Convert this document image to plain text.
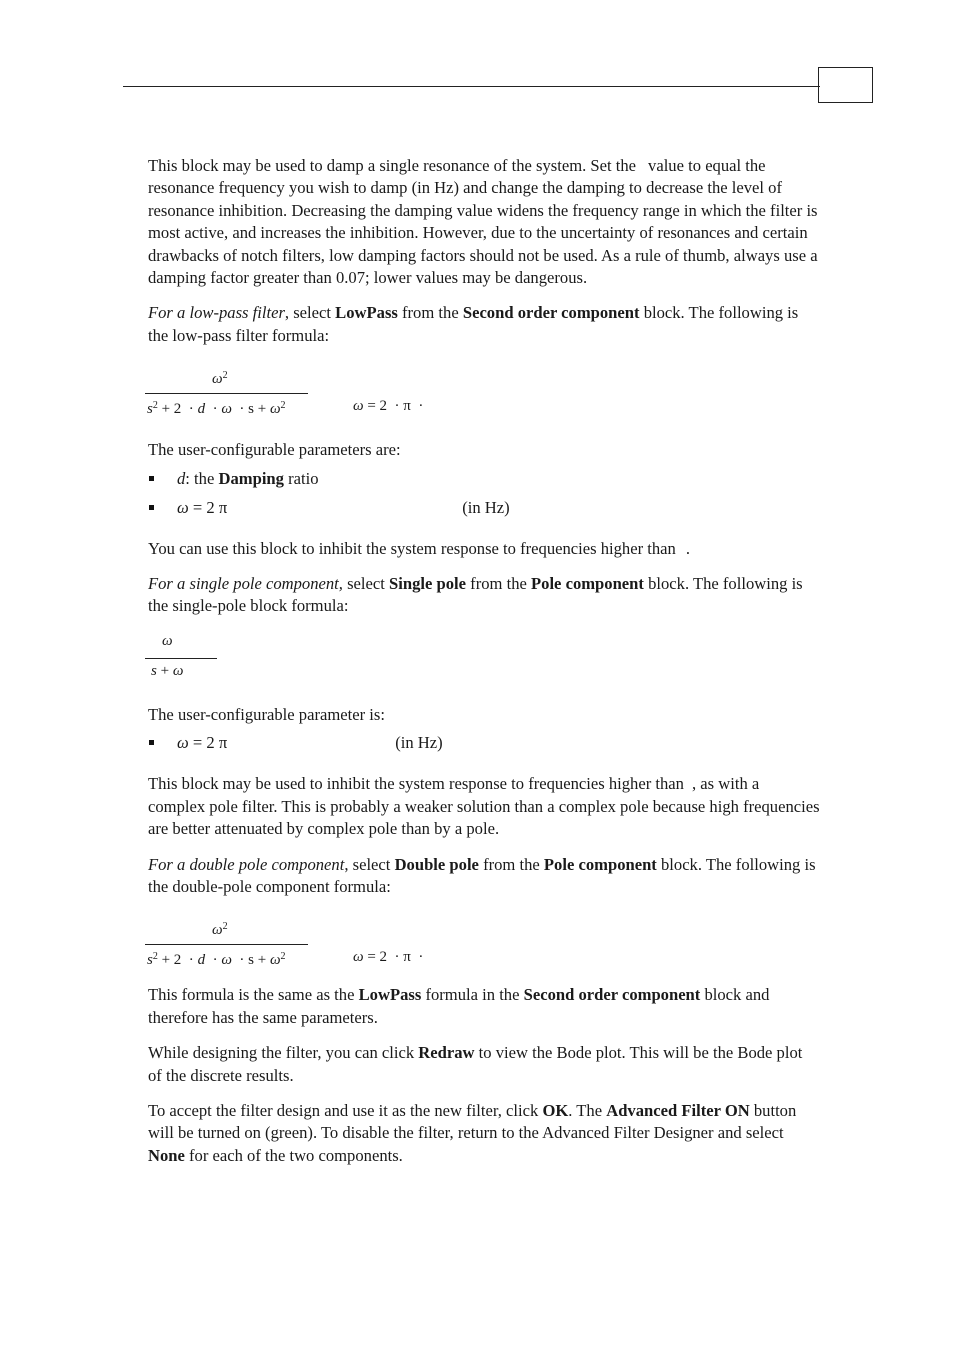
This block may be used to damp a single resonance of the system. Set the value to equal the resonance frequency you wish to damp (in Hz) and change the damping to decrease the level of resonance inhibition. Decreasing the damping value widens the frequency range in which the filter is most active, and increases the inhibition. However, due to the uncertainty of resonances and certain drawbacks of notch filters, low damping factors should not be used. As a rule of thumb, always use a damping factor greater than 0.07; lower values may be dangerous.

For a low-pass filter, select LowPass from the Second order component block. The following is the low-pass filter formula:

$\omega^2$
$s^2 + 2 \cdot d \cdot \omega \cdot s + \omega^2$	ω = 2  · π  ·

The user-configurable parameters are:

d: the Damping ratio
ω = 2 π	(in Hz)

You can use this block to inhibit the system response to frequencies higher than .

For a single pole component, select Single pole from the Pole component block. The following is the single-pole block formula:

ω
s + ω

The user-configurable parameter is:

ω = 2 π	(in Hz)

This block may be used to inhibit the system response to frequencies higher than , as with a complex pole filter. This is probably a weaker solution than a complex pole because high frequencies are better attenuated by complex pole than by a pole.

For a double pole component, select Double pole from the Pole component block. The following is the double-pole component formula:

$\omega^2$
$s^2 + 2 \cdot d \cdot \omega \cdot s + \omega^2$	ω = 2  · π  ·

This formula is the same as the LowPass formula in the Second order component block and therefore has the same parameters.

While designing the filter, you can click Redraw to view the Bode plot. This will be the Bode plot of the discrete results.

To accept the filter design and use it as the new filter, click OK. The Advanced Filter ON button will be turned on (green). To disable the filter, return to the Advanced Filter Designer and select None for each of the two components.
